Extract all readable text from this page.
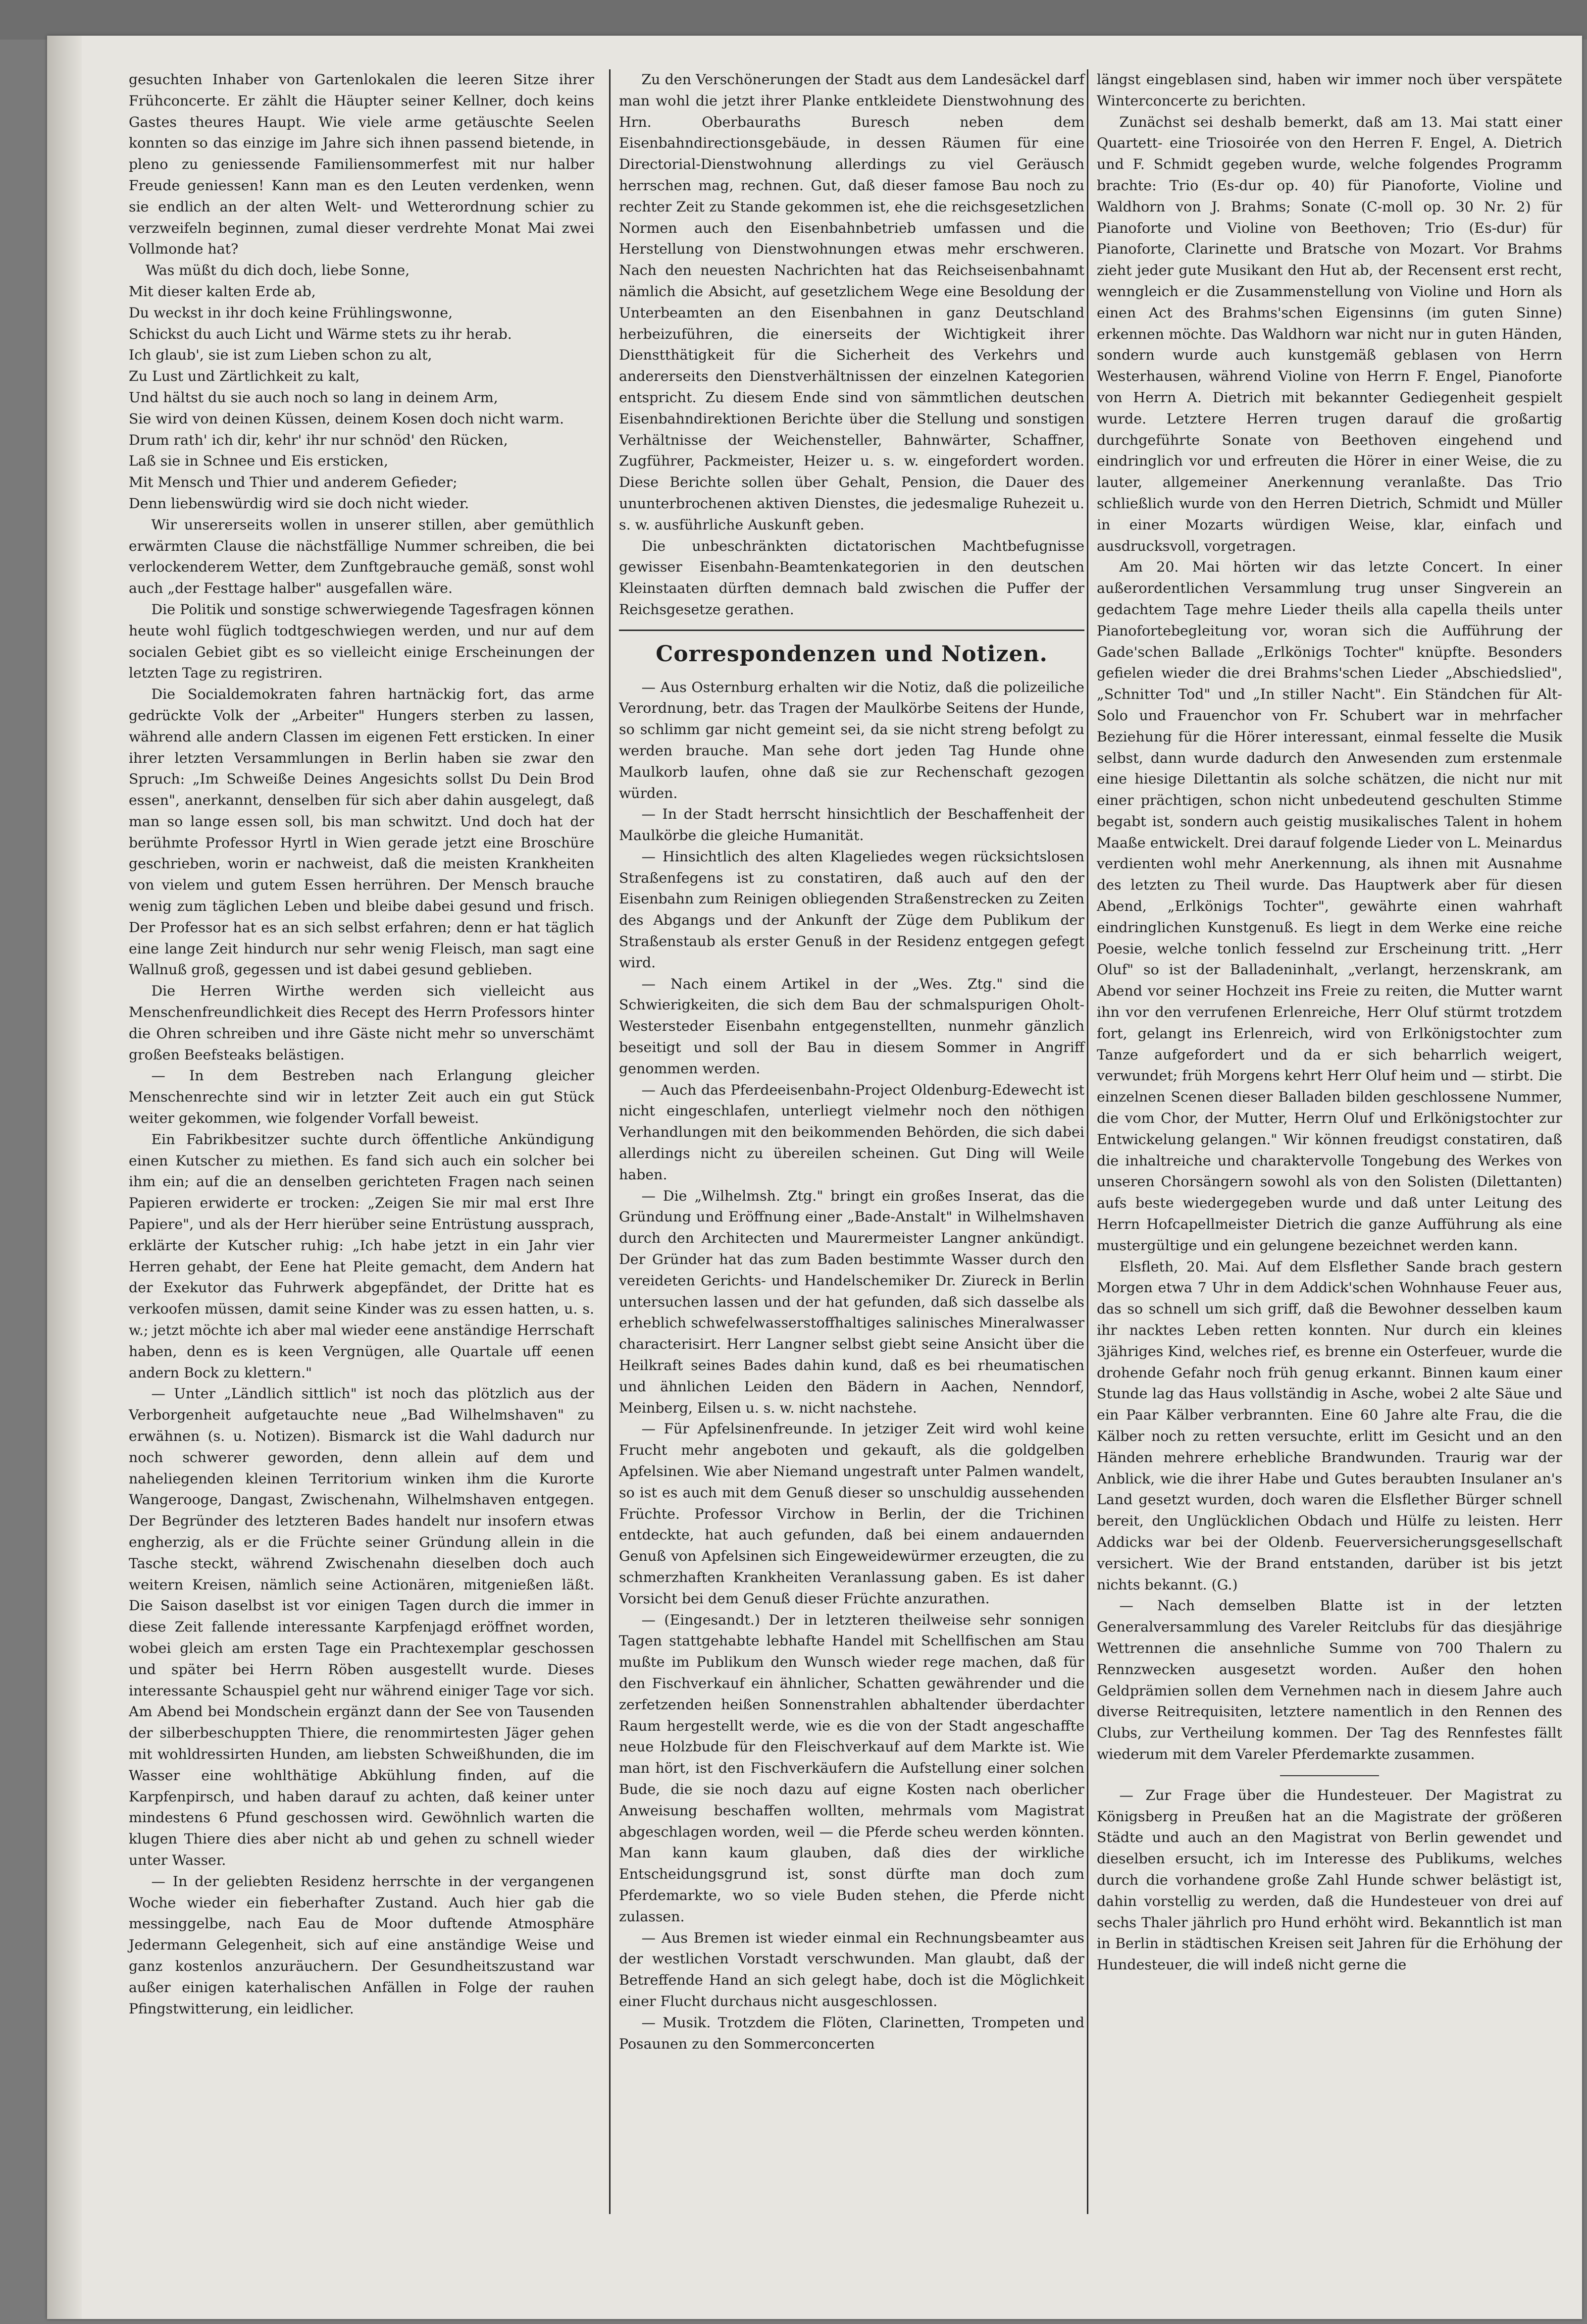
gesuchten Inhaber von Gartenlokalen die leeren Sitze ihrer Frühconcerte. Er zählt die Häupter seiner Kellner, doch keins Gastes theures Haupt. Wie viele arme getäuschte Seelen konnten so das einzige im Jahre sich ihnen passend bietende, in pleno zu geniessende Familiensommerfest mit nur halber Freude geniessen! Kann man es den Leuten verdenken, wenn sie endlich an der alten Welt- und Wetterordnung schier zu verzweifeln beginnen, zumal dieser verdrehte Monat Mai zwei Vollmonde hat?

Was müßt du dich doch, liebe Sonne,

Mit dieser kalten Erde ab,

Du weckst in ihr doch keine Frühlingswonne,

Schickst du auch Licht und Wärme stets zu ihr herab.

Ich glaub', sie ist zum Lieben schon zu alt,

Zu Lust und Zärtlichkeit zu kalt,

Und hältst du sie auch noch so lang in deinem Arm,

Sie wird von deinen Küssen, deinem Kosen doch nicht warm.

Drum rath' ich dir, kehr' ihr nur schnöd' den Rücken,

Laß sie in Schnee und Eis ersticken,

Mit Mensch und Thier und anderem Gefieder;

Denn liebenswürdig wird sie doch nicht wieder.

Wir unsererseits wollen in unserer stillen, aber gemüthlich erwärmten Clause die nächstfällige Nummer schreiben, die bei verlockenderem Wetter, dem Zunftgebrauche gemäß, sonst wohl auch „der Festtage halber" ausgefallen wäre.

Die Politik und sonstige schwerwiegende Tagesfragen können heute wohl füglich todtgeschwiegen werden, und nur auf dem socialen Gebiet gibt es so vielleicht einige Erscheinungen der letzten Tage zu registriren.

Die Socialdemokraten fahren hartnäckig fort, das arme gedrückte Volk der „Arbeiter" Hungers sterben zu lassen, während alle andern Classen im eigenen Fett ersticken. In einer ihrer letzten Versammlungen in Berlin haben sie zwar den Spruch: „Im Schweiße Deines Angesichts sollst Du Dein Brod essen", anerkannt, denselben für sich aber dahin ausgelegt, daß man so lange essen soll, bis man schwitzt. Und doch hat der berühmte Professor Hyrtl in Wien gerade jetzt eine Broschüre geschrieben, worin er nachweist, daß die meisten Krankheiten von vielem und gutem Essen herrühren. Der Mensch brauche wenig zum täglichen Leben und bleibe dabei gesund und frisch. Der Professor hat es an sich selbst erfahren; denn er hat täglich eine lange Zeit hindurch nur sehr wenig Fleisch, man sagt eine Wallnuß groß, gegessen und ist dabei gesund geblieben.

Die Herren Wirthe werden sich vielleicht aus Menschenfreundlichkeit dies Recept des Herrn Professors hinter die Ohren schreiben und ihre Gäste nicht mehr so unverschämt großen Beefsteaks belästigen.

— In dem Bestreben nach Erlangung gleicher Menschenrechte sind wir in letzter Zeit auch ein gut Stück weiter gekommen, wie folgender Vorfall beweist.

Ein Fabrikbesitzer suchte durch öffentliche Ankündigung einen Kutscher zu miethen. Es fand sich auch ein solcher bei ihm ein; auf die an denselben gerichteten Fragen nach seinen Papieren erwiderte er trocken: „Zeigen Sie mir mal erst Ihre Papiere", und als der Herr hierüber seine Entrüstung aussprach, erklärte der Kutscher ruhig: „Ich habe jetzt in ein Jahr vier Herren gehabt, der Eene hat Pleite gemacht, dem Andern hat der Exekutor das Fuhrwerk abgepfändet, der Dritte hat es verkoofen müssen, damit seine Kinder was zu essen hatten, u. s. w.; jetzt möchte ich aber mal wieder eene anständige Herrschaft haben, denn es is keen Vergnügen, alle Quartale uff eenen andern Bock zu klettern."

— Unter „Ländlich sittlich" ist noch das plötzlich aus der Verborgenheit aufgetauchte neue „Bad Wilhelmshaven" zu erwähnen (s. u. Notizen). Bismarck ist die Wahl dadurch nur noch schwerer geworden, denn allein auf dem und naheliegenden kleinen Territorium winken ihm die Kurorte Wangerooge, Dangast, Zwischenahn, Wilhelmshaven entgegen. Der Begründer des letzteren Bades handelt nur insofern etwas engherzig, als er die Früchte seiner Gründung allein in die Tasche steckt, während Zwischenahn dieselben doch auch weitern Kreisen, nämlich seine Actionären, mitgenießen läßt. Die Saison daselbst ist vor einigen Tagen durch die immer in diese Zeit fallende interessante Karpfenjagd eröffnet worden, wobei gleich am ersten Tage ein Prachtexemplar geschossen und später bei Herrn Röben ausgestellt wurde. Dieses interessante Schauspiel geht nur während einiger Tage vor sich. Am Abend bei Mondschein ergänzt dann der See von Tausenden der silberbeschuppten Thiere, die renommirtesten Jäger gehen mit wohldressirten Hunden, am liebsten Schweißhunden, die im Wasser eine wohlthätige Abkühlung finden, auf die Karpfenpirsch, und haben darauf zu achten, daß keiner unter mindestens 6 Pfund geschossen wird. Gewöhnlich warten die klugen Thiere dies aber nicht ab und gehen zu schnell wieder unter Wasser.

— In der geliebten Residenz herrschte in der vergangenen Woche wieder ein fieberhafter Zustand. Auch hier gab die messinggelbe, nach Eau de Moor duftende Atmosphäre Jedermann Gelegenheit, sich auf eine anständige Weise und ganz kostenlos anzuräuchern. Der Gesundheitszustand war außer einigen katerhalischen Anfällen in Folge der rauhen Pfingstwitterung, ein leidlicher.

Zu den Verschönerungen der Stadt aus dem Landesäckel darf man wohl die jetzt ihrer Planke entkleidete Dienstwohnung des Hrn. Oberbauraths Buresch neben dem Eisenbahndirectionsgebäude, in dessen Räumen für eine Directorial-Dienstwohnung allerdings zu viel Geräusch herrschen mag, rechnen. Gut, daß dieser famose Bau noch zu rechter Zeit zu Stande gekommen ist, ehe die reichsgesetzlichen Normen auch den Eisenbahnbetrieb umfassen und die Herstellung von Dienstwohnungen etwas mehr erschweren. Nach den neuesten Nachrichten hat das Reichseisenbahnamt nämlich die Absicht, auf gesetzlichem Wege eine Besoldung der Unterbeamten an den Eisenbahnen in ganz Deutschland herbeizuführen, die einerseits der Wichtigkeit ihrer Dienstthätigkeit für die Sicherheit des Verkehrs und andererseits den Dienstverhältnissen der einzelnen Kategorien entspricht. Zu diesem Ende sind von sämmtlichen deutschen Eisenbahndirektionen Berichte über die Stellung und sonstigen Verhältnisse der Weichensteller, Bahnwärter, Schaffner, Zugführer, Packmeister, Heizer u. s. w. eingefordert worden. Diese Berichte sollen über Gehalt, Pension, die Dauer des ununterbrochenen aktiven Dienstes, die jedesmalige Ruhezeit u. s. w. ausführliche Auskunft geben.

Die unbeschränkten dictatorischen Machtbefugnisse gewisser Eisenbahn-Beamtenkategorien in den deutschen Kleinstaaten dürften demnach bald zwischen die Puffer der Reichsgesetze gerathen.

Correspondenzen und Notizen.

— Aus Osternburg erhalten wir die Notiz, daß die polizeiliche Verordnung, betr. das Tragen der Maulkörbe Seitens der Hunde, so schlimm gar nicht gemeint sei, da sie nicht streng befolgt zu werden brauche. Man sehe dort jeden Tag Hunde ohne Maulkorb laufen, ohne daß sie zur Rechenschaft gezogen würden.

— In der Stadt herrscht hinsichtlich der Beschaffenheit der Maulkörbe die gleiche Humanität.

— Hinsichtlich des alten Klageliedes wegen rücksichtslosen Straßenfegens ist zu constatiren, daß auch auf den der Eisenbahn zum Reinigen obliegenden Straßenstrecken zu Zeiten des Abgangs und der Ankunft der Züge dem Publikum der Straßenstaub als erster Genuß in der Residenz entgegen gefegt wird.

— Nach einem Artikel in der „Wes. Ztg." sind die Schwierigkeiten, die sich dem Bau der schmalspurigen Oholt-Westersteder Eisenbahn entgegenstellten, nunmehr gänzlich beseitigt und soll der Bau in diesem Sommer in Angriff genommen werden.

— Auch das Pferdeeisenbahn-Project Oldenburg-Edewecht ist nicht eingeschlafen, unterliegt vielmehr noch den nöthigen Verhandlungen mit den beikommenden Behörden, die sich dabei allerdings nicht zu übereilen scheinen. Gut Ding will Weile haben.

— Die „Wilhelmsh. Ztg." bringt ein großes Inserat, das die Gründung und Eröffnung einer „Bade-Anstalt" in Wilhelmshaven durch den Architecten und Maurermeister Langner ankündigt. Der Gründer hat das zum Baden bestimmte Wasser durch den vereideten Gerichts- und Handelschemiker Dr. Ziureck in Berlin untersuchen lassen und der hat gefunden, daß sich dasselbe als erheblich schwefelwasserstoffhaltiges salinisches Mineralwasser characterisirt. Herr Langner selbst giebt seine Ansicht über die Heilkraft seines Bades dahin kund, daß es bei rheumatischen und ähnlichen Leiden den Bädern in Aachen, Nenndorf, Meinberg, Eilsen u. s. w. nicht nachstehe.

— Für Apfelsinenfreunde. In jetziger Zeit wird wohl keine Frucht mehr angeboten und gekauft, als die goldgelben Apfelsinen. Wie aber Niemand ungestraft unter Palmen wandelt, so ist es auch mit dem Genuß dieser so unschuldig aussehenden Früchte. Professor Virchow in Berlin, der die Trichinen entdeckte, hat auch gefunden, daß bei einem andauernden Genuß von Apfelsinen sich Eingeweidewürmer erzeugten, die zu schmerzhaften Krankheiten Veranlassung gaben. Es ist daher Vorsicht bei dem Genuß dieser Früchte anzurathen.

— (Eingesandt.) Der in letzteren theilweise sehr sonnigen Tagen stattgehabte lebhafte Handel mit Schellfischen am Stau mußte im Publikum den Wunsch wieder rege machen, daß für den Fischverkauf ein ähnlicher, Schatten gewährender und die zerfetzenden heißen Sonnenstrahlen abhaltender überdachter Raum hergestellt werde, wie es die von der Stadt angeschaffte neue Holzbude für den Fleischverkauf auf dem Markte ist. Wie man hört, ist den Fischverkäufern die Aufstellung einer solchen Bude, die sie noch dazu auf eigne Kosten nach oberlicher Anweisung beschaffen wollten, mehrmals vom Magistrat abgeschlagen worden, weil — die Pferde scheu werden könnten. Man kann kaum glauben, daß dies der wirkliche Entscheidungsgrund ist, sonst dürfte man doch zum Pferdemarkte, wo so viele Buden stehen, die Pferde nicht zulassen.

— Aus Bremen ist wieder einmal ein Rechnungsbeamter aus der westlichen Vorstadt verschwunden. Man glaubt, daß der Betreffende Hand an sich gelegt habe, doch ist die Möglichkeit einer Flucht durchaus nicht ausgeschlossen.

— Musik. Trotzdem die Flöten, Clarinetten, Trompeten und Posaunen zu den Sommerconcerten

längst eingeblasen sind, haben wir immer noch über verspätete Winterconcerte zu berichten.

Zunächst sei deshalb bemerkt, daß am 13. Mai statt einer Quartett- eine Triosoirée von den Herren F. Engel, A. Dietrich und F. Schmidt gegeben wurde, welche folgendes Programm brachte: Trio (Es-dur op. 40) für Pianoforte, Violine und Waldhorn von J. Brahms; Sonate (C-moll op. 30 Nr. 2) für Pianoforte und Violine von Beethoven; Trio (Es-dur) für Pianoforte, Clarinette und Bratsche von Mozart. Vor Brahms zieht jeder gute Musikant den Hut ab, der Recensent erst recht, wenngleich er die Zusammenstellung von Violine und Horn als einen Act des Brahms'schen Eigensinns (im guten Sinne) erkennen möchte. Das Waldhorn war nicht nur in guten Händen, sondern wurde auch kunstgemäß geblasen von Herrn Westerhausen, während Violine von Herrn F. Engel, Pianoforte von Herrn A. Dietrich mit bekannter Gediegenheit gespielt wurde. Letztere Herren trugen darauf die großartig durchgeführte Sonate von Beethoven eingehend und eindringlich vor und erfreuten die Hörer in einer Weise, die zu lauter, allgemeiner Anerkennung veranlaßte. Das Trio schließlich wurde von den Herren Dietrich, Schmidt und Müller in einer Mozarts würdigen Weise, klar, einfach und ausdrucksvoll, vorgetragen.

Am 20. Mai hörten wir das letzte Concert. In einer außerordentlichen Versammlung trug unser Singverein an gedachtem Tage mehre Lieder theils alla capella theils unter Pianofortebegleitung vor, woran sich die Aufführung der Gade'schen Ballade „Erlkönigs Tochter" knüpfte. Besonders gefielen wieder die drei Brahms'schen Lieder „Abschiedslied", „Schnitter Tod" und „In stiller Nacht". Ein Ständchen für Alt-Solo und Frauenchor von Fr. Schubert war in mehrfacher Beziehung für die Hörer interessant, einmal fesselte die Musik selbst, dann wurde dadurch den Anwesenden zum erstenmale eine hiesige Dilettantin als solche schätzen, die nicht nur mit einer prächtigen, schon nicht unbedeutend geschulten Stimme begabt ist, sondern auch geistig musikalisches Talent in hohem Maaße entwickelt. Drei darauf folgende Lieder von L. Meinardus verdienten wohl mehr Anerkennung, als ihnen mit Ausnahme des letzten zu Theil wurde. Das Hauptwerk aber für diesen Abend, „Erlkönigs Tochter", gewährte einen wahrhaft eindringlichen Kunstgenuß. Es liegt in dem Werke eine reiche Poesie, welche tonlich fesselnd zur Erscheinung tritt. „Herr Oluf" so ist der Balladeninhalt, „verlangt, herzenskrank, am Abend vor seiner Hochzeit ins Freie zu reiten, die Mutter warnt ihn vor den verrufenen Erlenreiche, Herr Oluf stürmt trotzdem fort, gelangt ins Erlenreich, wird von Erlkönigstochter zum Tanze aufgefordert und da er sich beharrlich weigert, verwundet; früh Morgens kehrt Herr Oluf heim und — stirbt. Die einzelnen Scenen dieser Balladen bilden geschlossene Nummer, die vom Chor, der Mutter, Herrn Oluf und Erlkönigstochter zur Entwickelung gelangen." Wir können freudigst constatiren, daß die inhaltreiche und charaktervolle Tongebung des Werkes von unseren Chorsängern sowohl als von den Solisten (Dilettanten) aufs beste wiedergegeben wurde und daß unter Leitung des Herrn Hofcapellmeister Dietrich die ganze Aufführung als eine mustergültige und ein gelungene bezeichnet werden kann.

Elsfleth, 20. Mai. Auf dem Elsflether Sande brach gestern Morgen etwa 7 Uhr in dem Addick'schen Wohnhause Feuer aus, das so schnell um sich griff, daß die Bewohner desselben kaum ihr nacktes Leben retten konnten. Nur durch ein kleines 3jähriges Kind, welches rief, es brenne ein Osterfeuer, wurde die drohende Gefahr noch früh genug erkannt. Binnen kaum einer Stunde lag das Haus vollständig in Asche, wobei 2 alte Säue und ein Paar Kälber verbrannten. Eine 60 Jahre alte Frau, die die Kälber noch zu retten versuchte, erlitt im Gesicht und an den Händen mehrere erhebliche Brandwunden. Traurig war der Anblick, wie die ihrer Habe und Gutes beraubten Insulaner an's Land gesetzt wurden, doch waren die Elsflether Bürger schnell bereit, den Unglücklichen Obdach und Hülfe zu leisten. Herr Addicks war bei der Oldenb. Feuerversicherungsgesellschaft versichert. Wie der Brand entstanden, darüber ist bis jetzt nichts bekannt. (G.)

— Nach demselben Blatte ist in der letzten Generalversammlung des Vareler Reitclubs für das diesjährige Wettrennen die ansehnliche Summe von 700 Thalern zu Rennzwecken ausgesetzt worden. Außer den hohen Geldprämien sollen dem Vernehmen nach in diesem Jahre auch diverse Reitrequisiten, letztere namentlich in den Rennen des Clubs, zur Vertheilung kommen. Der Tag des Rennfestes fällt wiederum mit dem Vareler Pferdemarkte zusammen.

— Zur Frage über die Hundesteuer. Der Magistrat zu Königsberg in Preußen hat an die Magistrate der größeren Städte und auch an den Magistrat von Berlin gewendet und dieselben ersucht, ich im Interesse des Publikums, welches durch die vorhandene große Zahl Hunde schwer belästigt ist, dahin vorstellig zu werden, daß die Hundesteuer von drei auf sechs Thaler jährlich pro Hund erhöht wird. Bekanntlich ist man in Berlin in städtischen Kreisen seit Jahren für die Erhöhung der Hundesteuer, die will indeß nicht gerne die
